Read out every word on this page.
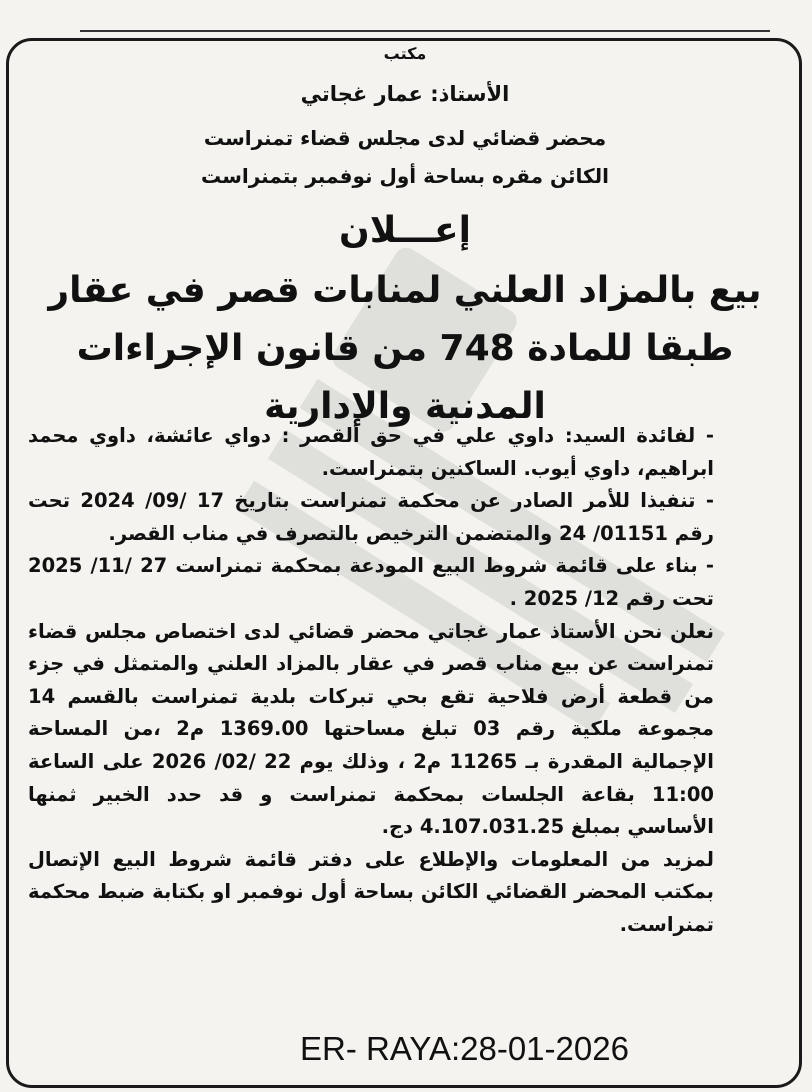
مكتب
الأستاذ: عمار غجاتي
محضر قضائي لدى مجلس قضاء تمنراست
الكائن مقره بساحة أول نوفمبر بتمنراست
إعـــلان
بيع بالمزاد العلني لمنابات قصر في عقار طبقا للمادة 748 من قانون الإجراءات المدنية والإدارية

- لفائدة السيد: داوي علي في حق القصر : دواي عائشة، داوي محمد ابراهيم، داوي أيوب. الساكنين بتمنراست.

- تنفيذا للأمر الصادر عن محكمة تمنراست بتاريخ 17 /09/ 2024 تحت رقم 01151/ 24 والمتضمن الترخيص بالتصرف في مناب القصر.

- بناء على قائمة شروط البيع المودعة بمحكمة تمنراست 27 /11/ 2025 تحت رقم 12/ 2025 .

نعلن نحن الأستاذ عمار غجاتي محضر قضائي لدى اختصاص مجلس قضاء تمنراست عن بيع مناب قصر في عقار بالمزاد العلني والمتمثل في جزء من قطعة أرض فلاحية تقع بحي تبركات بلدية تمنراست بالقسم 14 مجموعة ملكية رقم 03 تبلغ مساحتها 1369.00 م2 ،من المساحة الإجمالية المقدرة بـ 11265 م2 ، وذلك يوم 22 /02/ 2026 على الساعة 11:00 بقاعة الجلسات بمحكمة تمنراست و قد حدد الخبير ثمنها الأساسي بمبلغ 4.107.031.25 دج.

لمزيد من المعلومات والإطلاع على دفتر قائمة شروط البيع الإتصال بمكتب المحضر القضائي الكائن بساحة أول نوفمبر او بكتابة ضبط محكمة تمنراست.

ER- RAYA:28-01-2026
